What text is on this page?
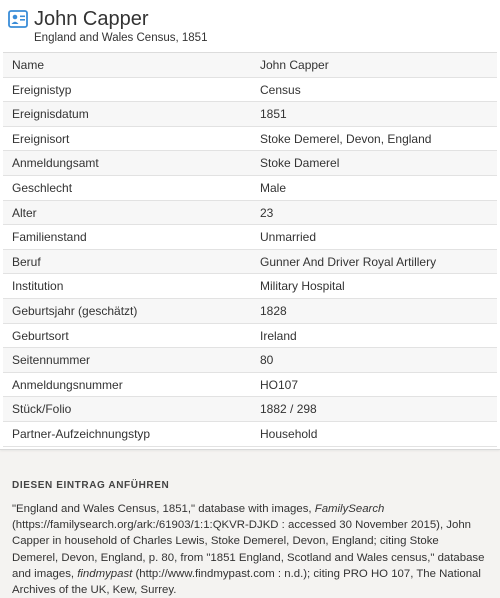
John Capper
England and Wales Census, 1851
Name	John Capper
Ereignistyp	Census
Ereignisdatum	1851
Ereignisort	Stoke Demerel, Devon, England
Anmeldungsamt	Stoke Damerel
Geschlecht	Male
Alter	23
Familienstand	Unmarried
Beruf	Gunner And Driver Royal Artillery
Institution	Military Hospital
Geburtsjahr (geschätzt)	1828
Geburtsort	Ireland
Seitennummer	80
Anmeldungsnummer	HO107
Stück/Folio	1882 / 298
Partner-Aufzeichnungstyp	Household
DIESEN EINTRAG ANFÜHREN
"England and Wales Census, 1851," database with images, FamilySearch (https://familysearch.org/ark:/61903/1:1:QKVR-DJKD : accessed 30 November 2015), John Capper in household of Charles Lewis, Stoke Demerel, Devon, England; citing Stoke Demerel, Devon, England, p. 80, from "1851 England, Scotland and Wales census," database and images, findmypast (http://www.findmypast.com : n.d.); citing PRO HO 107, The National Archives of the UK, Kew, Surrey.
